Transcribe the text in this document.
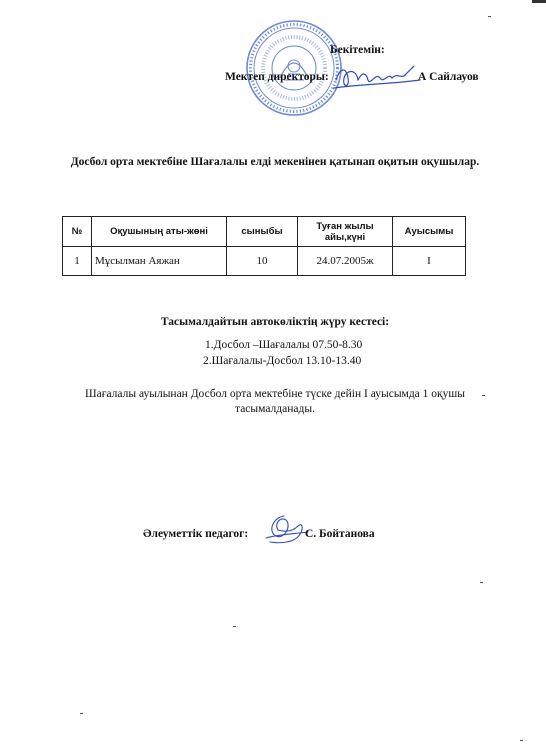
Бекітемін:
Мектеп директоры:	А Сайлауов
Досбол орта мектебіне Шағалалы елді мекенінен қатынап оқитын оқушылар.
№	Оқушының аты-жөні	сыныбы	Туған жылы айы,күні	Ауысымы
1	Мұсылман Аяжан	10	24.07.2005ж	I
Тасымалдайтын автокөліктің жүру кестесі:
1.Досбол –Шағалалы 07.50-8.30
2.Шағалалы-Досбол 13.10-13.40
Шағалалы ауылынан Досбол орта мектебіне түске дейін I ауысымда 1 оқушы тасымалданады.
Әлеуметтік педагог:	С. Бойтанова
